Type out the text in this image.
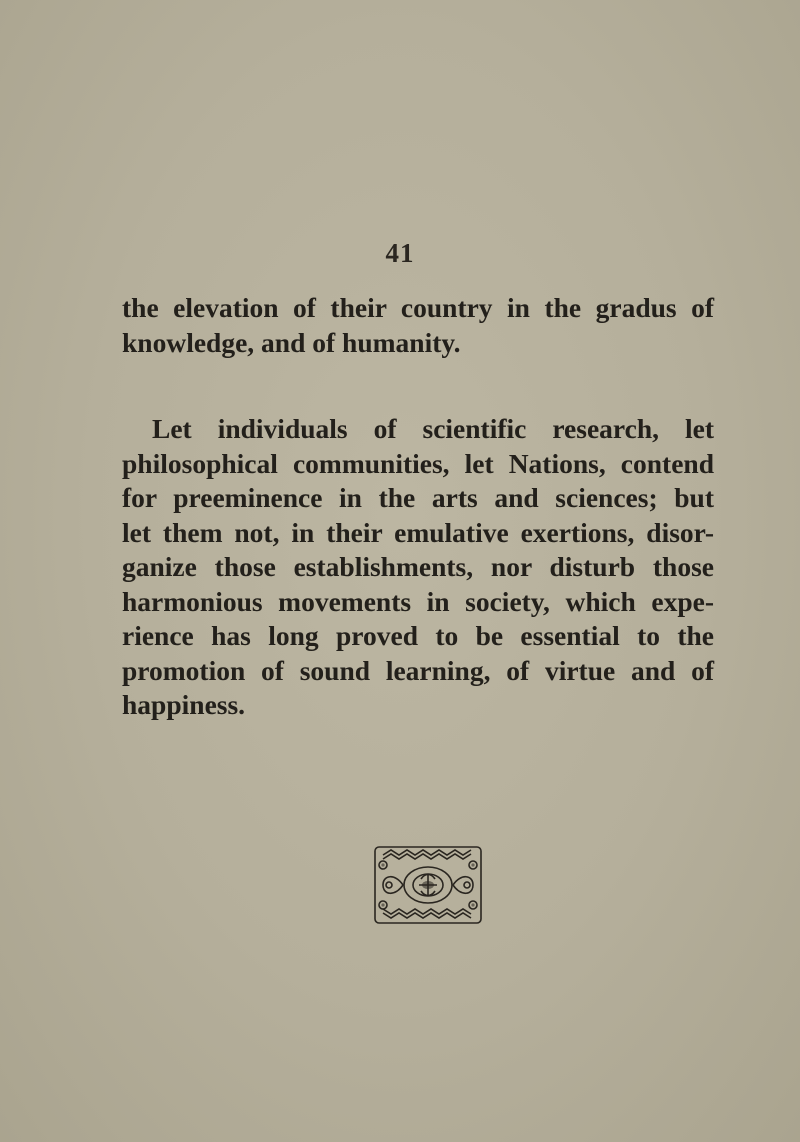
41
the elevation of their country in the gradus of
knowledge, and of humanity.
Let individuals of scientific research, let
philosophical communities, let Nations, contend
for preeminence in the arts and sciences; but
let them not, in their emulative exertions, disor-
ganize those establishments, nor disturb those
harmonious movements in society, which expe-
rience has long proved to be essential to the
promotion of sound learning, of virtue and of
happiness.
